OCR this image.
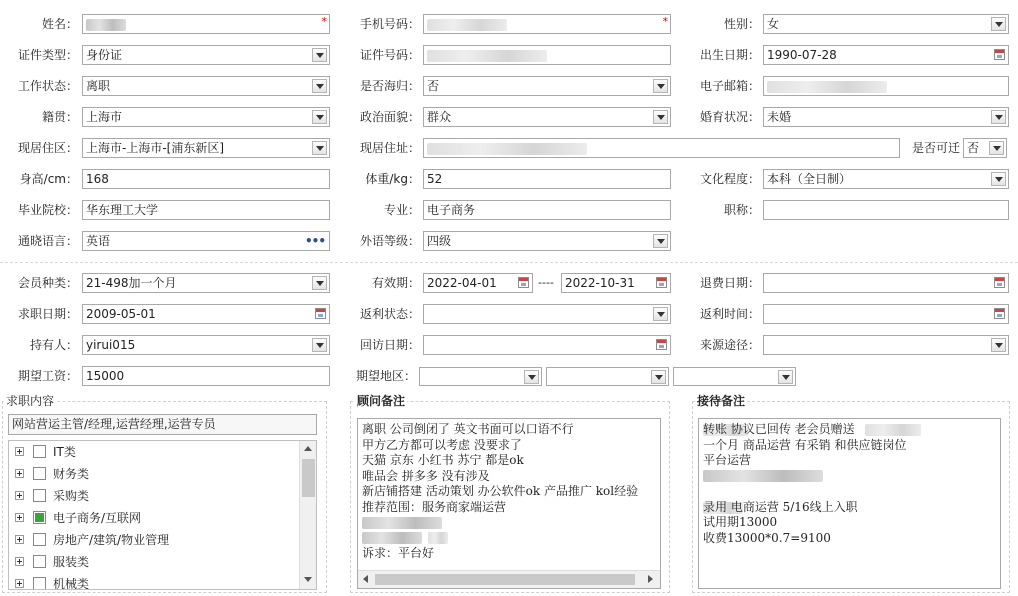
姓名：	*	手机号码：	*	性别： 女
证件类型： 身份证	证件号码：	出生日期： 1990-07-28
工作状态： 离职	是否海归： 否	电子邮箱：
籍贯： 上海市	政治面貌： 群众	婚育状况： 未婚
现居住区： 上海市-上海市-[浦东新区]	现居住址：	是否可迁 否
身高/cm： 168	体重/kg： 52	文化程度： 本科（全日制）
毕业院校： 华东理工大学	专业： 电子商务	职称：
通晓语言： 英语	•••	外语等级： 四级
会员种类： 21-498加一个月	有效期： 2022-04-01	---- 2022-10-31	退费日期：
求职日期： 2009-05-01	返利状态：	返利时间：
持有人： yirui015	回访日期：	来源途径：
期望工资： 15000	期望地区：
求职内容
网站营运主管/经理,运营经理,运营专员
IT类
财务类
采购类
电子商务/互联网
房地产/建筑/物业管理
服装类
机械类
顾问备注
离职 公司倒闭了 英文书面可以口语不行
甲方乙方都可以考虑 没要求了
天猫 京东 小红书 苏宁 都是ok
唯品会 拼多多 没有涉及
新店铺搭建 活动策划 办公软件ok 产品推广 kol经验
推荐范围：服务商家端运营
诉求：平台好
接待备注
转账 协议已回传 老会员赠送
一个月 商品运营 有采销 和供应链岗位
平台运营
录用 电商运营 5/16线上入职
试用期13000
收费13000*0.7=9100
